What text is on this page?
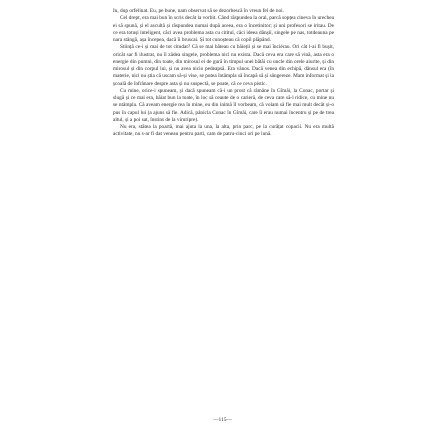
Iu, dup orfelinat. Eu, pe bune, nam observat să se dezorbescă în vreun fel de noi.

Cel drept, era mai bun în scris decât la vorbit. Când răspundea la oral, parcă sopțea cineva în urechea ei să spună, și el ascultă și răspundea numai după aceea, era o încetinitor; și uni profesori se iritau. De ce era totuși inteligent, căci avea problema asta cu cititul, căci ideea dânșii, singele pe nas, totdeauna pe nara stângă, așa începea, dacă îi bruscai. Și tot cunoșteau că copil plăpând.

Stiință ce-i și mai de tot citudat? Că se mai băteau cu băieții și se mai înciérau. Ori căt l-ai fi bușit, oricăt sar fi ilustrat, nu îi zădea singele, problema nici nu exista. Dacă ceva era care să vină, asta era o energie din pumni, din toate, din mirosul ei de gură în timpul unei bătăi cu uncle din orele aiurite, și din mirosul și din corpul lui, și nu avea nicio pedeapsă. Era vânos. Dacă venea din echipă, dânsul era (în materie, nici nu știa că uscam să-și vise, se putea întâmpla să încapă să și sângereze. Mam informat și la școală de înfrânare despre asta și nu suspectă, se poate, că ce ceva pistic.

Cu mine, orice-i spuneam, și dacă spuneam că-i un prost că râmâne în Gîmăi, la Conac, portar și slugă și ce mai era, băiat bun la toate, în loc să ceaute de o carieră, de ceva care să-l ridice, cu mine nu se ntâmpla. Că aveam energie rea în mine, eu din inimă îl vorbeam, că volam să fie mai mult decât și-o pus în capul lui (a ajuns să fie. Adică, pânicla Conac în Gîmăi, care îi erau numai încentru și pe de trea altul, și a poi sat, înstins de la viruripre).

Nu era, stătea la poartă, mai ajuta la una, la alta, prin parc, pe la curățat copacii. Nu era multă activitate, nu s-ar fi dat veneau pentru parti, cam de patru-cinci ori pe lună.

—115—
